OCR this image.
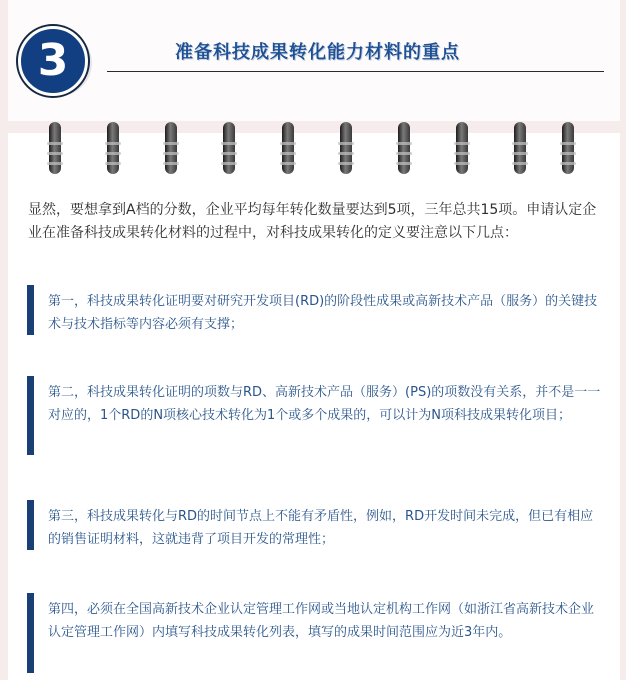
3	准备科技成果转化能力材料的重点
显然，要想拿到A档的分数，企业平均每年转化数量要达到5项，三年总共15项。申请认定企业在准备科技成果转化材料的过程中，对科技成果转化的定义要注意以下几点：
第一，科技成果转化证明要对研究开发项目(RD)的阶段性成果或高新技术产品（服务）的关键技术与技术指标等内容必须有支撑；
第二，科技成果转化证明的项数与RD、高新技术产品（服务）(PS)的项数没有关系，并不是一一对应的，1个RD的N项核心技术转化为1个或多个成果的，可以计为N项科技成果转化项目；
第三，科技成果转化与RD的时间节点上不能有矛盾性，例如，RD开发时间未完成，但已有相应的销售证明材料，这就违背了项目开发的常理性；
第四，必须在全国高新技术企业认定管理工作网或当地认定机构工作网（如浙江省高新技术企业认定管理工作网）内填写科技成果转化列表，填写的成果时间范围应为近3年内。
